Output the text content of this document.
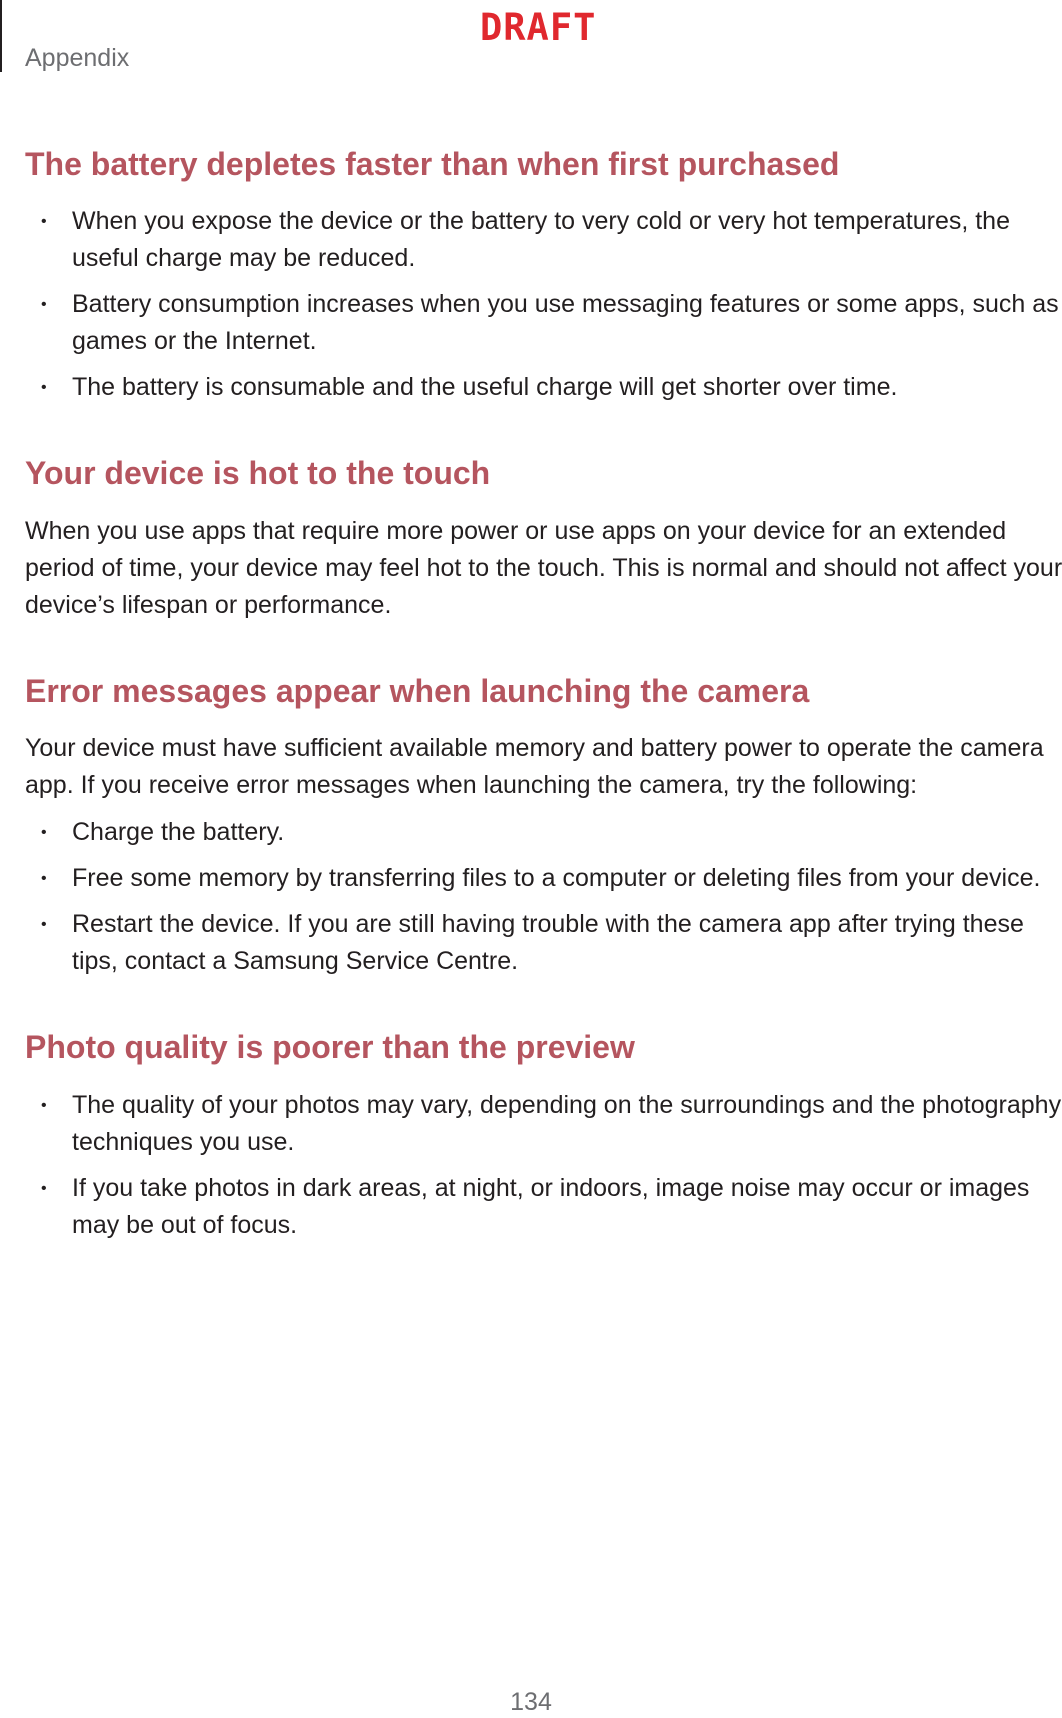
Appendix

DRAFT

The battery depletes faster than when first purchased
• When you expose the device or the battery to very cold or very hot temperatures, the useful charge may be reduced.
• Battery consumption increases when you use messaging features or some apps, such as games or the Internet.
• The battery is consumable and the useful charge will get shorter over time.
Your device is hot to the touch

When you use apps that require more power or use apps on your device for an extended period of time, your device may feel hot to the touch. This is normal and should not affect your device’s lifespan or performance.

Error messages appear when launching the camera

Your device must have sufficient available memory and battery power to operate the camera app. If you receive error messages when launching the camera, try the following:

• Charge the battery.
• Free some memory by transferring files to a computer or deleting files from your device.
• Restart the device. If you are still having trouble with the camera app after trying these tips, contact a Samsung Service Centre.
Photo quality is poorer than the preview
• The quality of your photos may vary, depending on the surroundings and the photography techniques you use.
• If you take photos in dark areas, at night, or indoors, image noise may occur or images may be out of focus.

134
